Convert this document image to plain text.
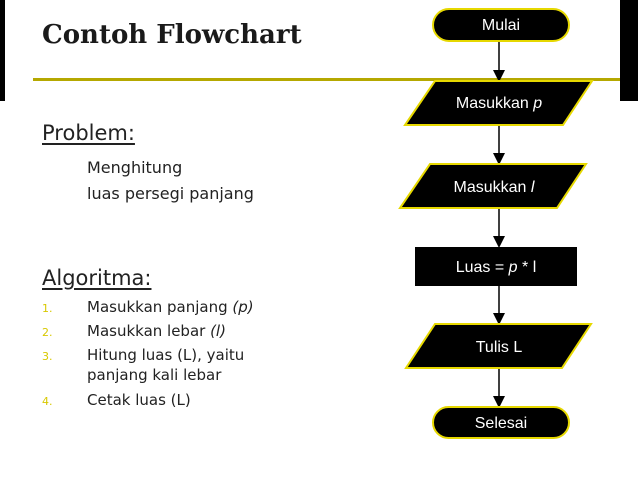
Contoh Flowchart
Problem:
Menghitung
luas persegi panjang
Algoritma:
1. Masukkan panjang (p)
2. Masukkan lebar (l)
3. Hitung luas (L), yaitu
panjang kali lebar
4. Cetak luas (L)
Mulai
Masukkan p
Masukkan l
Luas = p * l
Tulis L
Selesai
